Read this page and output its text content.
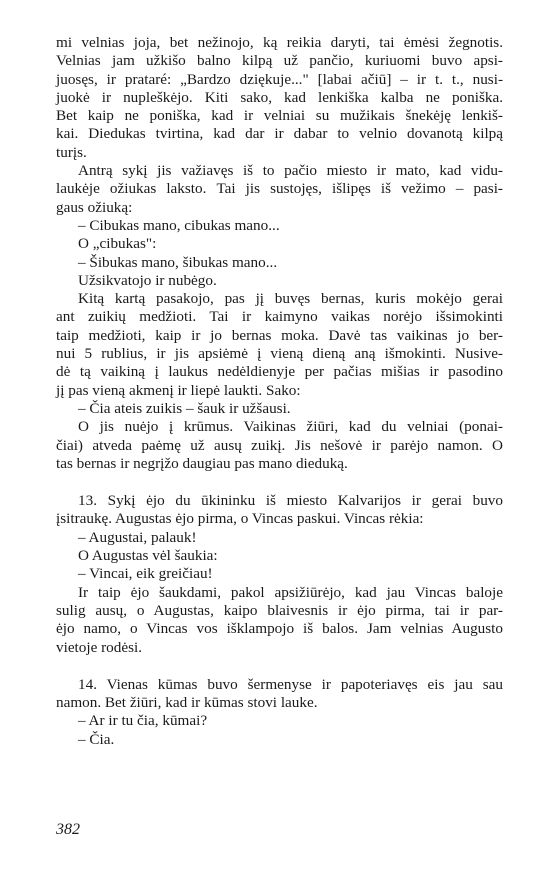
mi velnias joja, bet nežinojo, ką reikia daryti, tai ėmėsi žegnotis.
Velnias jam užkišo balno kilpą už pančio, kuriuomi buvo apsi-
juosęs, ir prataré: „Bardzo dziękuje..." [labai ačiū] – ir t. t., nusi-
juokė ir nupleškėjo. Kiti sako, kad lenkiška kalba ne poniška.
Bet kaip ne poniška, kad ir velniai su mužikais šnekėję lenkiš-
kai. Diedukas tvirtina, kad dar ir dabar to velnio dovanotą kilpą
turįs.
Antrą sykį jis važiavęs iš to pačio miesto ir mato, kad vidu-
laukėje ožiukas lakstо. Tai jis sustojęs, išlipęs iš vežimo – pasi-
gaus ožiuką:
– Cibukas mano, cibukas mano...
O „cibukas":
– Šibukas mano, šibukas mano...
Užsikvatojo ir nubėgo.
Kitą kartą pasakojo, pas jį buvęs bernas, kuris mokėjo gerai
ant zuikių medžioti. Tai ir kaimyno vaikas norėjo išsimokinti
taip medžioti, kaip ir jo bernas moka. Davė tas vaikinas jo ber-
nui 5 rublius, ir jis apsiėmė į vieną dieną aną išmokinti. Nusive-
dė tą vaikiną į laukus nedėldienyje per pačias mišias ir pasodino
jį pas vieną akmenį ir liepė laukti. Sako:
– Čia ateis zuikis – šauk ir užšausi.
O jis nuėjo į krūmus. Vaikinas žiūri, kad du velniai (ponai-
čiai) atveda paėmę už ausų zuikį. Jis nešovė ir parėjo namon. O
tas bernas ir negrįžo daugiau pas mano dieduką.
13. Sykį ėjo du ūkininku iš miesto Kalvarijos ir gerai buvo
įsitraukę. Augustas ėjo pirma, o Vincas paskui. Vincas rėkia:
– Augustai, palauk!
O Augustas vėl šaukia:
– Vincai, eik greičiau!
Ir taip ėjo šaukdami, pakol apsižiūrėjo, kad jau Vincas baloje
sulig ausų, o Augustas, kaipo blaivesnis ir ėjo pirma, tai ir par-
ėjo namo, o Vincas vos išklampojo iš balos. Jam velnias Augusto
vietoje rodėsi.
14. Vienas kūmas buvo šermenyse ir papoteriavęs eis jau sau
namon. Bet žiūri, kad ir kūmas stovi lauke.
– Ar ir tu čia, kūmai?
– Čia.
382
